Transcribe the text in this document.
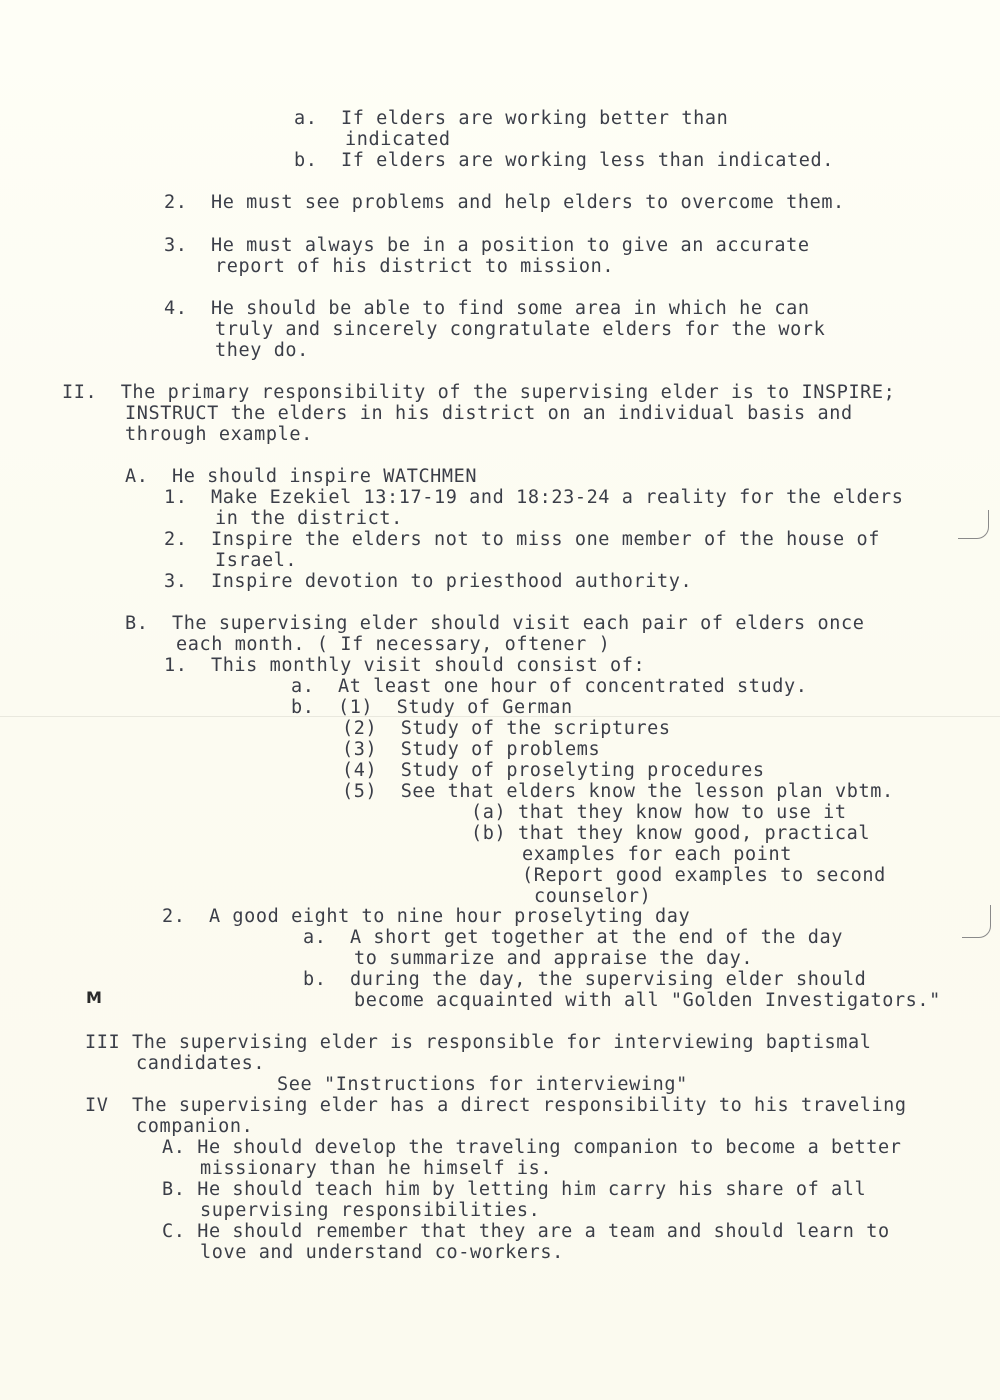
a.  If elders are working better than
indicated
b.  If elders are working less than indicated.
2.  He must see problems and help elders to overcome them.
3.  He must always be in a position to give an accurate
report of his district to mission.
4.  He should be able to find some area in which he can
truly and sincerely congratulate elders for the work
they do.
II.  The primary responsibility of the supervising elder is to INSPIRE;
INSTRUCT the elders in his district on an individual basis and
through example.
A.  He should inspire WATCHMEN
1.  Make Ezekiel 13:17-19 and 18:23-24 a reality for the elders
in the district.
2.  Inspire the elders not to miss one member of the house of
Israel.
3.  Inspire devotion to priesthood authority.
B.  The supervising elder should visit each pair of elders once
each month. ( If necessary, oftener )
1.  This monthly visit should consist of:
a.  At least one hour of concentrated study.
b.  (1)  Study of German
(2)  Study of the scriptures
(3)  Study of problems
(4)  Study of proselyting procedures
(5)  See that elders know the lesson plan vbtm.
(a) that they know how to use it
(b) that they know good, practical
examples for each point
(Report good examples to second
counselor)
2.  A good eight to nine hour proselyting day
a.  A short get together at the end of the day
to summarize and appraise the day.
b.  during the day, the supervising elder should
become acquainted with all "Golden Investigators."
M
III The supervising elder is responsible for interviewing baptismal
candidates.
See "Instructions for interviewing"
IV  The supervising elder has a direct responsibility to his traveling
companion.
A. He should develop the traveling companion to become a better
missionary than he himself is.
B. He should teach him by letting him carry his share of all
supervising responsibilities.
C. He should remember that they are a team and should learn to
love and understand co-workers.
